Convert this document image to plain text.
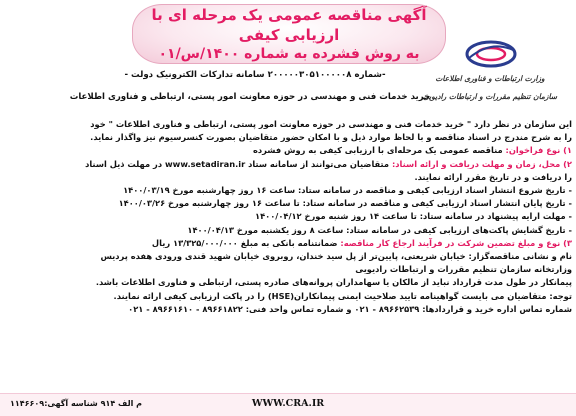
آگهی مناقصه عمومی یک مرحله ای با ارزیابی کیفی
به روش فشرده به شماره ۱۴۰۰/س/۰۱
وزارت ارتباطات و فناوری اطلاعات
سازمان تنظیم مقررات و ارتباطات رادیویی
-شماره ۲۰۰۰۰۰۳۰۵۱۰۰۰۰۰۸ سامانه تدارکات الکترونیک دولت -
خرید خدمات فنی و مهندسی در حوزه معاونت امور پستی، ارتباطی و فناوری اطلاعات

این سازمان در نظر دارد " خرید خدمات فنی و مهندسی در حوزه معاونت امور پستی، ارتباطی و فناوری اطلاعات " خود

را به شرح مندرج در اسناد مناقصه و با لحاظ موارد ذیل و با امکان حضور متقاضیان بصورت کنسرسیوم نیز واگذار نماید.

۱) نوع فراخوان: مناقصه عمومی یک مرحله‌ای با ارزیابی کیفی به روش فشرده

۲) محل، زمان و مهلت دریافت و ارائه اسناد: متقاضیان می‌توانند از سامانه ستاد www.setadiran.ir در مهلت ذیل اسناد

را دریافت و در تاریخ مقرر ارائه نمایند.

- تاریخ شروع انتشار اسناد ارزیابی کیفی و مناقصه در سامانه ستاد: ساعت ۱۶ روز چهارشنبه مورخ ۱۴۰۰/۰۳/۱۹

- تاریخ پایان انتشار اسناد ارزیابی کیفی و مناقصه در سامانه ستاد: تا ساعت ۱۶ روز چهارشنبه مورخ ۱۴۰۰/۰۳/۲۶

- مهلت ارایه پیشنهاد در سامانه ستاد: تا ساعت ۱۴ روز شنبه مورخ ۱۴۰۰/۰۴/۱۲

- تاریخ گشایش پاکت‌های ارزیابی کیفی در سامانه ستاد: ساعت ۸ روز یکشنبه مورخ ۱۴۰۰/۰۴/۱۳

۳) نوع و مبلغ تضمین شرکت در فرآیند ارجاع کار مناقصه: ضمانتنامه بانکی به مبلغ ۱۳/۳۲۵/۰۰۰/۰۰۰ ریال

نام و نشانی مناقصه‌گزار: خیابان شریعتی، پایین‌تر از پل سید خندان، روبروی خیابان شهید قندی ورودی هفده پردیس

وزارتخانه سازمان تنظیم مقررات و ارتباطات رادیویی

پیمانکار در طول مدت قرارداد نباید از مالکان یا سهامداران پروانه‌های صادره پستی، ارتباطی و فناوری اطلاعات باشد.

توجه: متقاضیان می بایست گواهینامه تایید صلاحیت ایمنی پیمانکاران(HSE) را در پاکت ارزیابی کیفی ارائه نمایند.

شماره تماس اداره خرید و قراردادها: ۸۹۶۶۲۵۳۹ - ۰۲۱ و شماره تماس واحد فنی: ۸۹۶۶۱۸۲۲ - ۸۹۶۶۱۶۱۰ - ۰۲۱

WWW.CRA.IR
م الف ۹۱۴ شناسه آگهی:۱۱۴۶۶۰۹
